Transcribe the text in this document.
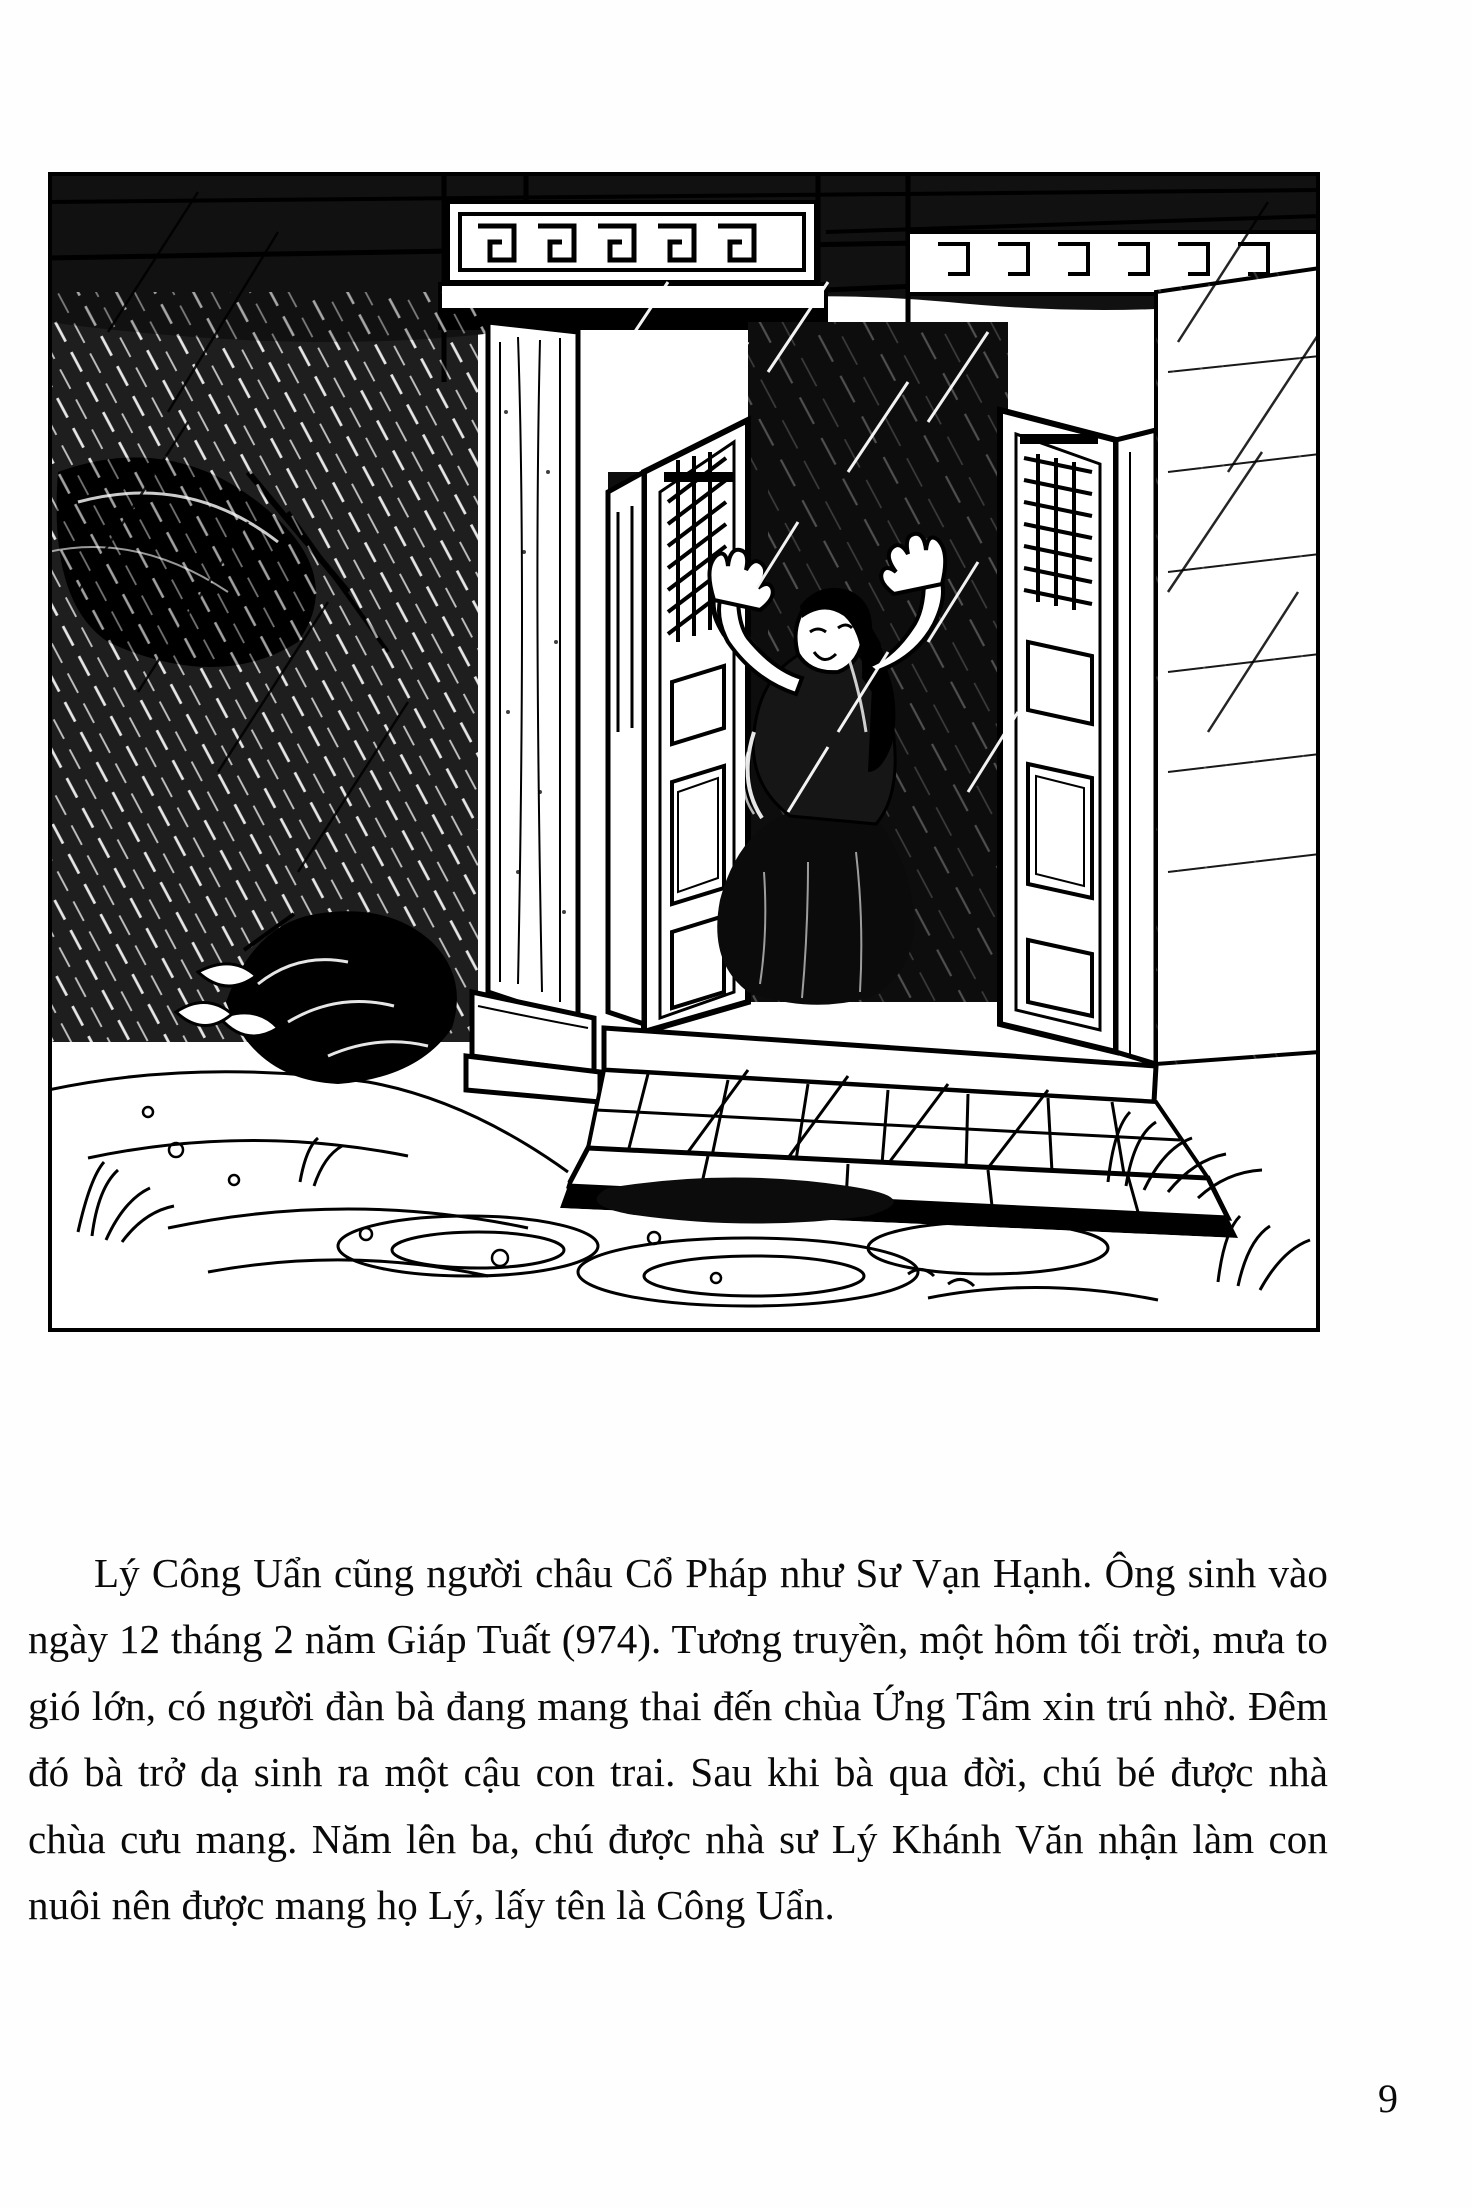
Lý Công Uẩn cũng người châu Cổ Pháp như Sư Vạn Hạnh. Ông sinh vào ngày 12 tháng 2 năm Giáp Tuất (974). Tương truyền, một hôm tối trời, mưa to gió lớn, có người đàn bà đang mang thai đến chùa Ứng Tâm xin trú nhờ. Đêm đó bà trở dạ sinh ra một cậu con trai. Sau khi bà qua đời, chú bé được nhà chùa cưu mang. Năm lên ba, chú được nhà sư Lý Khánh Văn nhận làm con nuôi nên được mang họ Lý, lấy tên là Công Uẩn.

9
